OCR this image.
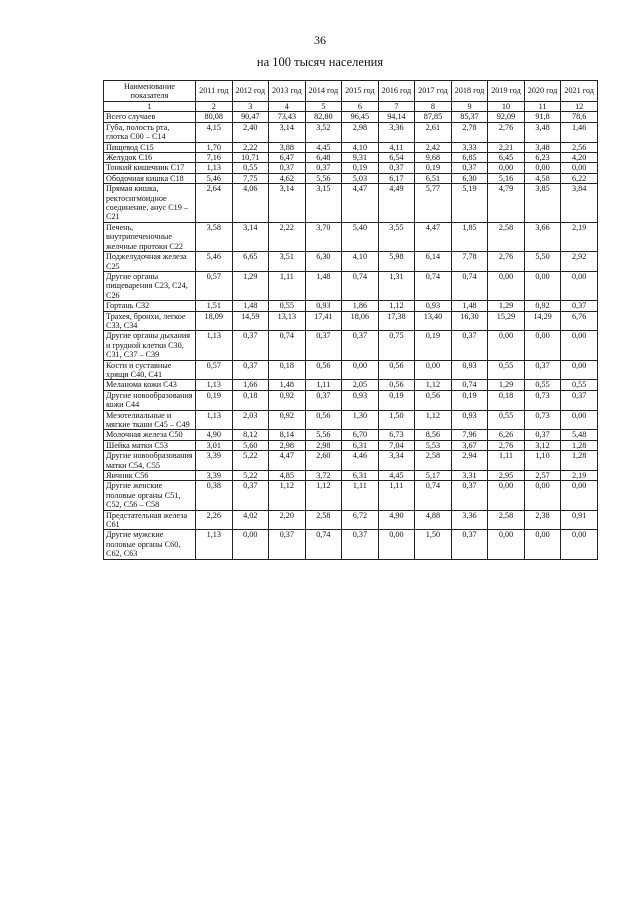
36
на 100 тысяч населения
Наименование показателя	2011 год	2012 год	2013 год	2014 год	2015 год	2016 год	2017 год	2018 год	2019 год	2020 год	2021 год
1	2	3	4	5	6	7	8	9	10	11	12
Всего случаев	80,08	90,47	73,43	82,80	96,45	94,14	87,85	85,37	92,09	91,8	78,6
Губа, полость рта, глотка С00 – С14	4,15	2,40	3,14	3,52	2,98	3,36	2,61	2,78	2,76	3,48	1,46
Пищевод С15	1,70	2,22	3,88	4,45	4,10	4,11	2,42	3,33	2,21	3,48	2,56
Желудок С16	7,16	10,71	6,47	6,48	9,31	6,54	9,68	6,85	6,45	6,23	4,20
Тонкий кишечник С17	1,13	0,55	0,37	0,37	0,19	0,37	0,19	0,37	0,00	0,00	0,00
Ободочная кишка С18	5,46	7,75	4,62	5,56	5,03	6,17	6,51	6,30	5,16	4,58	6,22
Прямая кишка, ректосигмоидное соединение, анус С19 – С21	2,64	4,06	3,14	3,15	4,47	4,49	5,77	5,19	4,79	3,85	3,84
Печень, внутрипеченочные желчные протоки С22	3,58	3,14	2,22	3,70	5,40	3,55	4,47	1,85	2,58	3,66	2,19
Поджелудочная железа С25	5,46	6,65	3,51	6,30	4,10	5,98	6,14	7,78	2,76	5,50	2,92
Другие органы пищеварения С23, С24, С26	0,57	1,29	1,11	1,48	0,74	1,31	0,74	0,74	0,00	0,00	0,00
Гортань С32	1,51	1,48	0,55	0,93	1,86	1,12	0,93	1,48	1,29	0,92	0,37
Трахея, бронхи, легкое С33, С34	18,09	14,59	13,13	17,41	18,06	17,38	13,40	16,30	15,29	14,29	6,76
Другие органы дыхания и грудной клетки С30, С31, С37 – С39	1,13	0,37	0,74	0,37	0,37	0,75	0,19	0,37	0,00	0,00	0,00
Кости и суставные хрящи С40, С41	0,57	0,37	0,18	0,56	0,00	0,56	0,00	0,93	0,55	0,37	0,00
Меланома кожи С43	1,13	1,66	1,48	1,11	2,05	0,56	1,12	0,74	1,29	0,55	0,55
Другие новообразования кожи С44	0,19	0,18	0,92	0,37	0,93	0,19	0,56	0,19	0,18	0,73	0,37
Мезотелиальные и мягкие ткани С45 – С49	1,13	2,03	0,92	0,56	1,30	1,50	1,12	0,93	0,55	0,73	0,00
Молочная железа С50	4,90	8,12	8,14	5,56	6,70	6,73	8,56	7,96	6,26	0,37	5,48
Шейка матки С53	3,01	5,60	2,98	2,98	6,31	7,04	5,53	3,67	2,76	3,12	1,28
Другие новообразования матки С54, С55	3,39	5,22	4,47	2,60	4,46	3,34	2,58	2,94	1,11	1,10	1,28
Яичник С56	3,39	5,22	4,85	3,72	6,31	4,45	5,17	3,31	2,95	2,57	2,19
Другие женские половые органы С51, С52, С56 – С58	0,38	0,37	1,12	1,12	1,11	1,11	0,74	0,37	0,00	0,00	0,00
Предстательная железа С61	2,26	4,02	2,20	2,58	6,72	4,90	4,88	3,36	2,58	2,38	0,91
Другие мужские половые органы С60, С62, С63	1,13	0,00	0,37	0,74	0,37	0,00	1,50	0,37	0,00	0,00	0,00
